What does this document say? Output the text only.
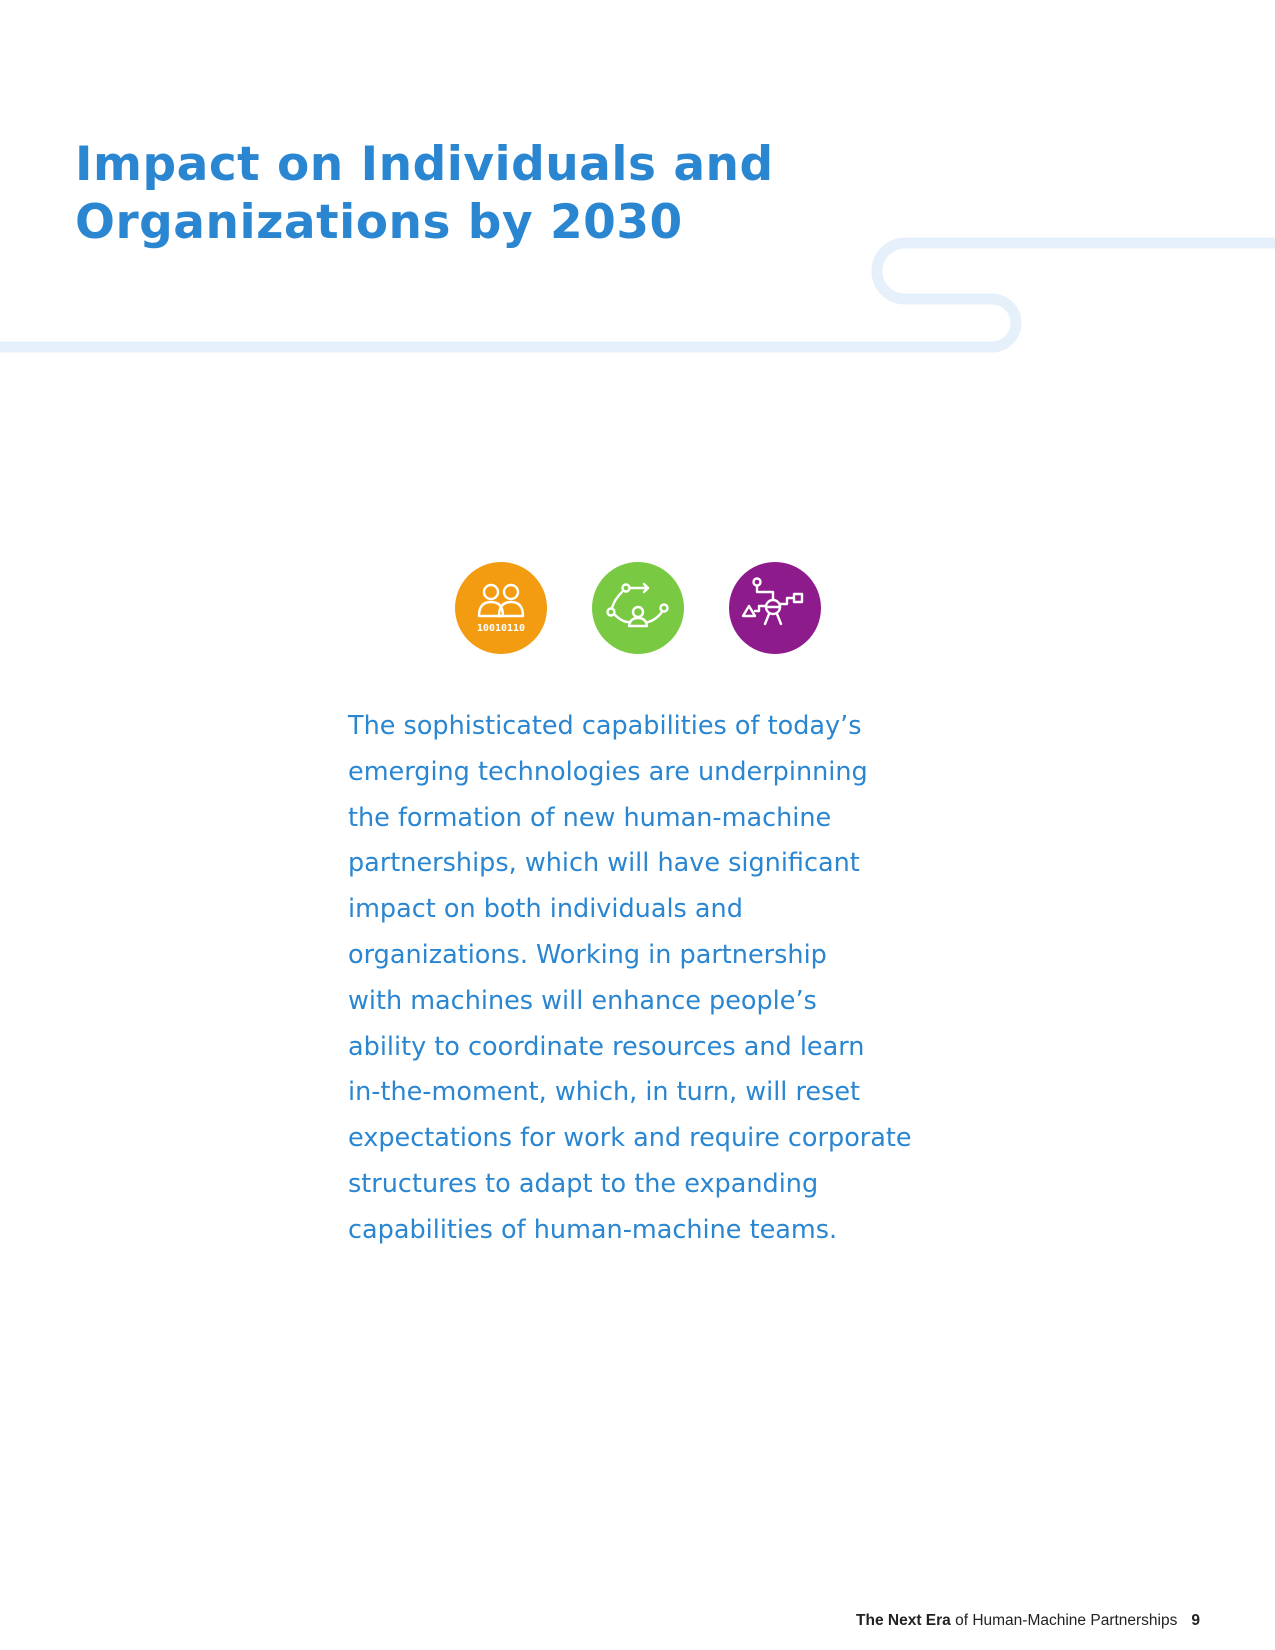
Impact on Individuals and
Organizations by 2030
10010110

The sophisticated capabilities of today’s
emerging technologies are underpinning
the formation of new human-machine
partnerships, which will have significant
impact on both individuals and
organizations. Working in partnership
with machines will enhance people’s
ability to coordinate resources and learn
in-the-moment, which, in turn, will reset
expectations for work and require corporate
structures to adapt to the expanding
capabilities of human-machine teams.

The Next Era of Human-Machine Partnerships 9
